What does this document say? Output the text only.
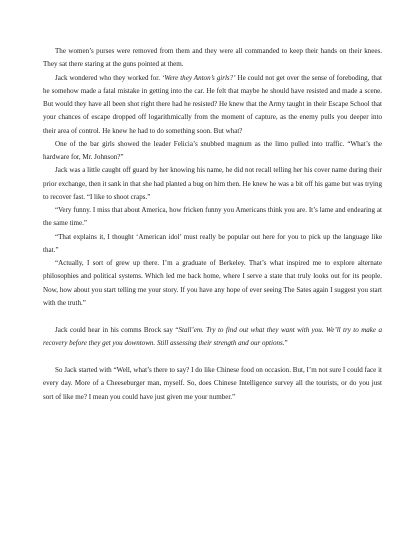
The women’s purses were removed from them and they were all commanded to keep their hands on their knees. They sat there staring at the guns pointed at them.

Jack wondered who they worked for. ‘Were they Anton’s girls?’ He could not get over the sense of foreboding, that he somehow made a fatal mistake in getting into the car. He felt that maybe he should have resisted and made a scene. But would they have all been shot right there had he resisted? He knew that the Army taught in their Escape School that your chances of escape dropped off logarithmically from the moment of capture, as the enemy pulls you deeper into their area of control. He knew he had to do something soon. But what?

One of the bar girls showed the leader Felicia’s snubbed magnum as the limo pulled into traffic. “What’s the hardware for, Mr. Johnson?”

Jack was a little caught off guard by her knowing his name, he did not recall telling her his cover name during their prior exchange, then it sank in that she had planted a bug on him then. He knew he was a bit off his game but was trying to recover fast. “I like to shoot craps.”

“Very funny. I miss that about America, how fricken funny you Americans think you are. It’s lame and endearing at the same time.”

“That explains it, I thought ‘American idol’ must really be popular out here for you to pick up the language like that.”

“Actually, I sort of grew up there. I’m a graduate of Berkeley. That’s what inspired me to explore alternate philosophies and political systems. Which led me back home, where I serve a state that truly looks out for its people. Now, how about you start telling me your story. If you have any hope of ever seeing The Sates again I suggest you start with the truth.”

Jack could hear in his comms Brock say “Stall’em. Try to find out what they want with you. We’ll try to make a recovery before they get you downtown. Still assessing their strength and our options.”

So Jack started with “Well, what’s there to say? I do like Chinese food on occasion. But, I’m not sure I could face it every day. More of a Cheeseburger man, myself. So, does Chinese Intelligence survey all the tourists, or do you just sort of like me? I mean you could have just given me your number.”
